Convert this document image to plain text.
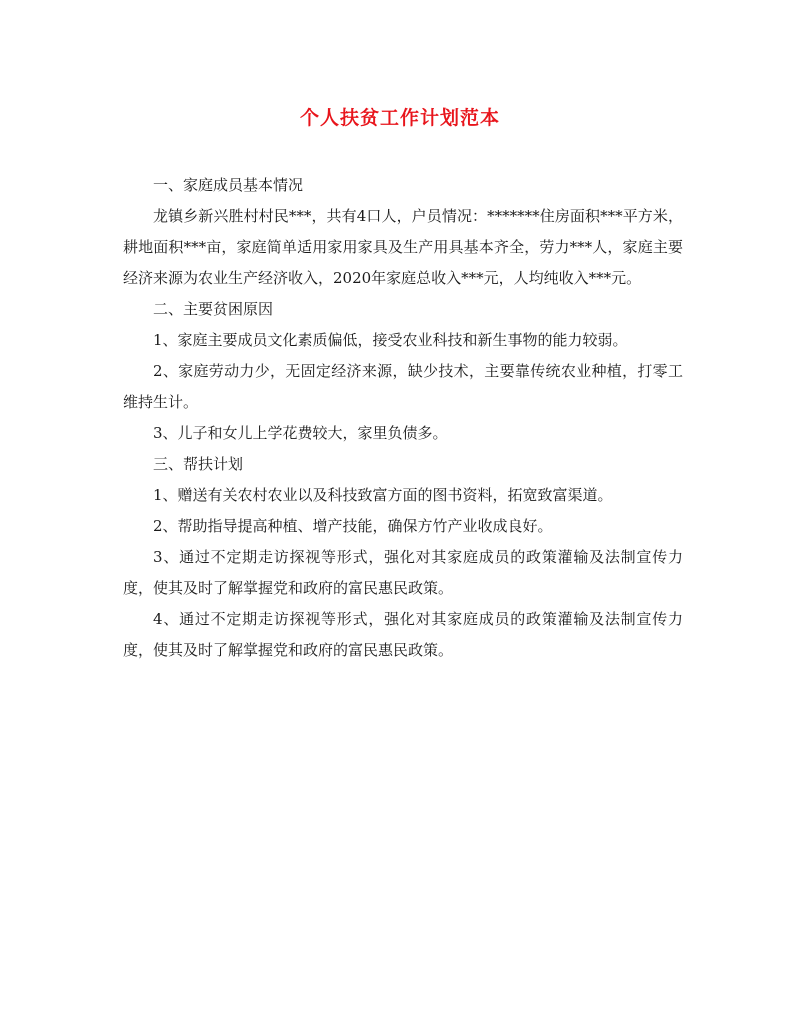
个人扶贫工作计划范本

一、家庭成员基本情况

龙镇乡新兴胜村村民***，共有4口人，户员情况：*******住房面积***平方米，耕地面积***亩，家庭简单适用家用家具及生产用具基本齐全，劳力***人，家庭主要经济来源为农业生产经济收入，2020年家庭总收入***元，人均纯收入***元。

二、主要贫困原因

1、家庭主要成员文化素质偏低，接受农业科技和新生事物的能力较弱。

2、家庭劳动力少，无固定经济来源，缺少技术，主要靠传统农业种植，打零工维持生计。

3、儿子和女儿上学花费较大，家里负债多。

三、帮扶计划

1、赠送有关农村农业以及科技致富方面的图书资料，拓宽致富渠道。

2、帮助指导提高种植、增产技能，确保方竹产业收成良好。

3、通过不定期走访探视等形式，强化对其家庭成员的政策灌输及法制宣传力度，使其及时了解掌握党和政府的富民惠民政策。

4、通过不定期走访探视等形式，强化对其家庭成员的政策灌输及法制宣传力度，使其及时了解掌握党和政府的富民惠民政策。
